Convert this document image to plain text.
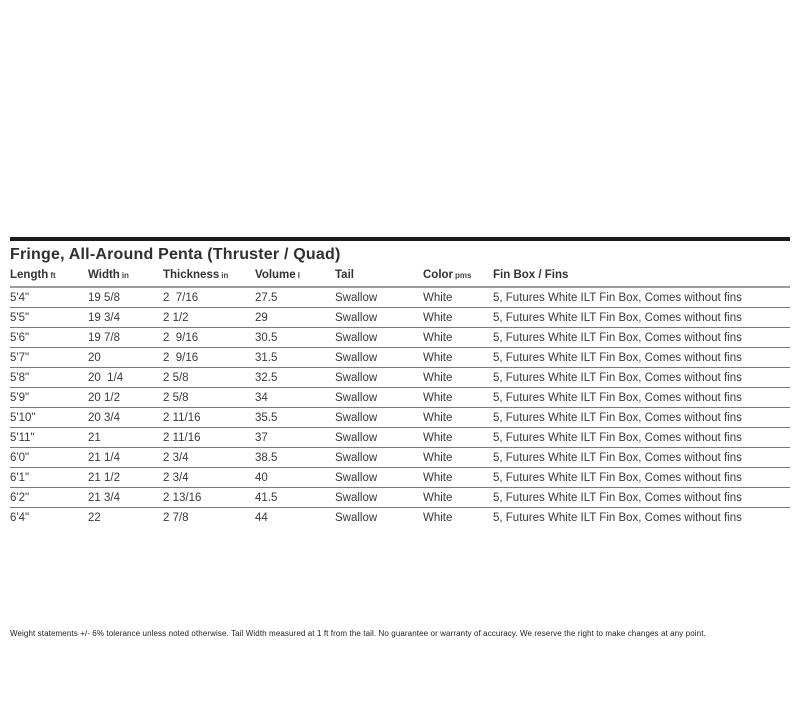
Fringe, All-Around Penta (Thruster / Quad)
Length ft	Width in	Thickness in	Volume l	Tail	Color pms	Fin Box / Fins
5'4"	19 5/8	2  7/16	27.5	Swallow	White	5, Futures White ILT Fin Box, Comes without fins
5'5"	19 3/4	2 1/2	29	Swallow	White	5, Futures White ILT Fin Box, Comes without fins
5'6"	19 7/8	2  9/16	30.5	Swallow	White	5, Futures White ILT Fin Box, Comes without fins
5'7"	20	2  9/16	31.5	Swallow	White	5, Futures White ILT Fin Box, Comes without fins
5'8"	20  1/4	2 5/8	32.5	Swallow	White	5, Futures White ILT Fin Box, Comes without fins
5'9"	20 1/2	2 5/8	34	Swallow	White	5, Futures White ILT Fin Box, Comes without fins
5'10"	20 3/4	2 11/16	35.5	Swallow	White	5, Futures White ILT Fin Box, Comes without fins
5'11"	21	2 11/16	37	Swallow	White	5, Futures White ILT Fin Box, Comes without fins
6'0"	21 1/4	2 3/4	38.5	Swallow	White	5, Futures White ILT Fin Box, Comes without fins
6'1"	21 1/2	2 3/4	40	Swallow	White	5, Futures White ILT Fin Box, Comes without fins
6'2"	21 3/4	2 13/16	41.5	Swallow	White	5, Futures White ILT Fin Box, Comes without fins
6'4"	22	2 7/8	44	Swallow	White	5, Futures White ILT Fin Box, Comes without fins
Weight statements +/- 6% tolerance unless noted otherwise. Tail Width measured at 1 ft from the tail. No guarantee or warranty of accuracy. We reserve the right to make changes at any point.
